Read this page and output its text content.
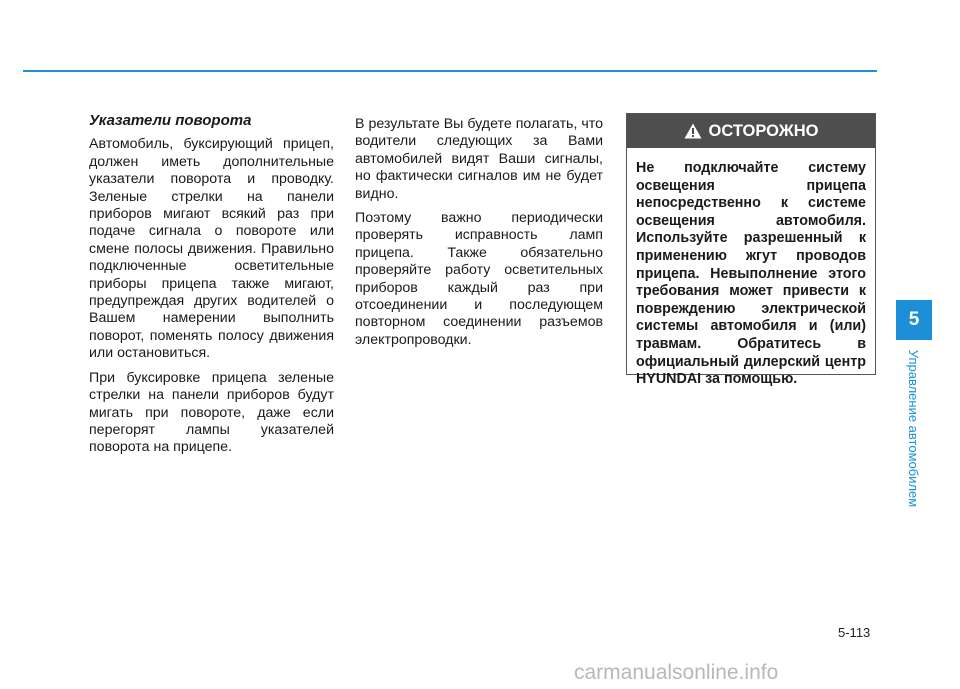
Указатели поворота

Автомобиль, буксирующий прицеп, должен иметь дополнительные указатели поворота и проводку. Зеленые стрелки на панели приборов мигают всякий раз при подаче сигнала о повороте или смене полосы движения. Правильно подключенные осветительные приборы прицепа также мигают, предупреждая других водителей о Вашем намерении выполнить поворот, поменять полосу движения или остановиться.

При буксировке прицепа зеленые стрелки на панели приборов будут мигать при повороте, даже если перегорят лампы указателей поворота на прицепе.

В результате Вы будете полагать, что водители следующих за Вами автомобилей видят Ваши сигналы, но фактически сигналов им не будет видно.

Поэтому важно периодически проверять исправность ламп прицепа. Также обязательно проверяйте работу осветительных приборов каждый раз при отсоединении и последующем повторном соединении разъемов электропроводки.

ОСТОРОЖНО
Не подключайте систему освещения прицепа непосредственно к системе освещения автомобиля. Используйте разрешенный к применению жгут проводов прицепа. Невыполнение этого требования может привести к повреждению электрической системы автомобиля и (или) травмам. Обратитесь в официальный дилерский центр HYUNDAI за помощью.
5
Управление автомобилем
5-113
carmanualsonline.info
